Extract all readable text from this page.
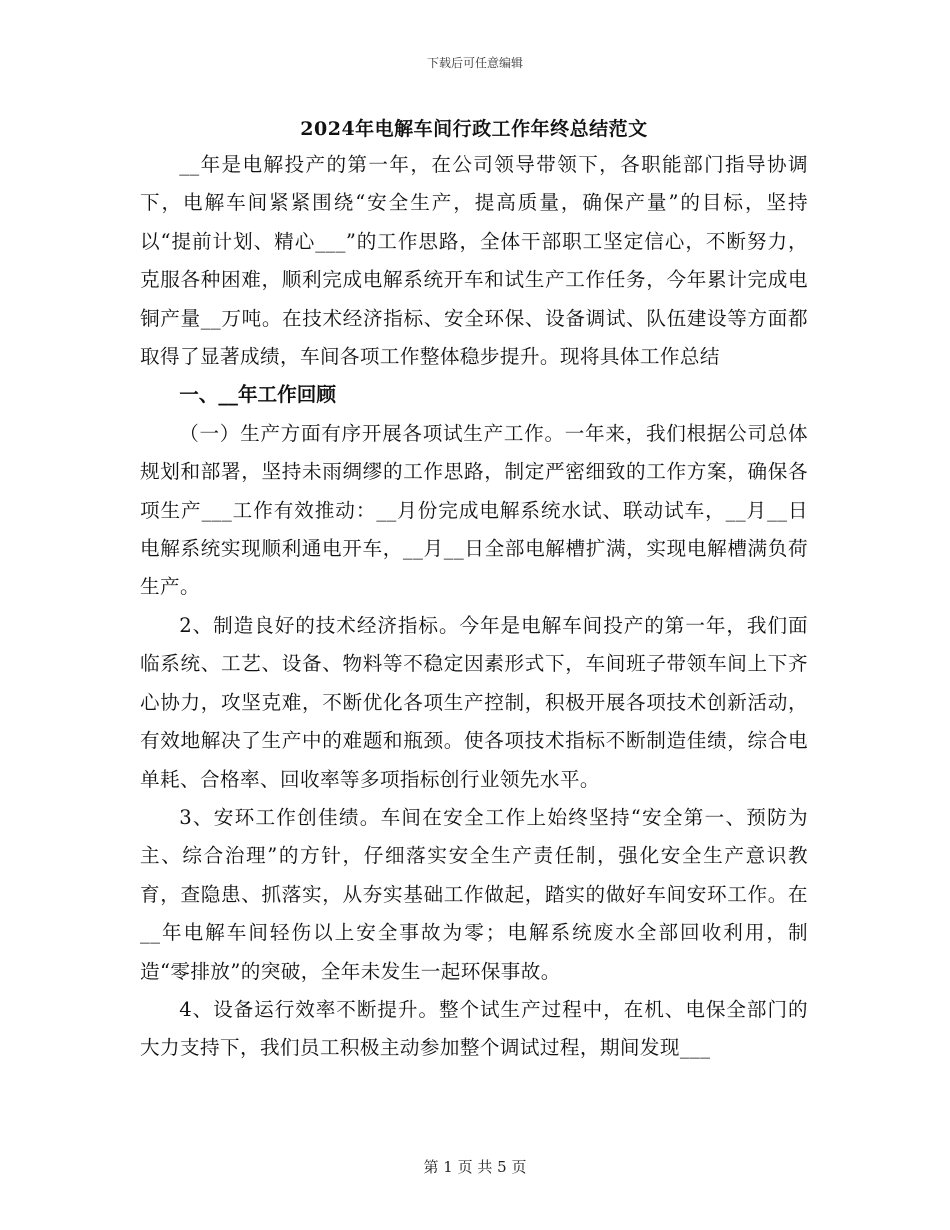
下载后可任意编辑
2024年电解车间行政工作年终总结范文

__年是电解投产的第一年，在公司领导带领下，各职能部门指导协调下，电解车间紧紧围绕“安全生产，提高质量，确保产量”的目标，坚持以“提前计划、精心___”的工作思路，全体干部职工坚定信心，不断努力，克服各种困难，顺利完成电解系统开车和试生产工作任务，今年累计完成电铜产量__万吨。在技术经济指标、安全环保、设备调试、队伍建设等方面都取得了显著成绩，车间各项工作整体稳步提升。现将具体工作总结

一、__年工作回顾

（一）生产方面有序开展各项试生产工作。一年来，我们根据公司总体规划和部署，坚持未雨绸缪的工作思路，制定严密细致的工作方案，确保各项生产___工作有效推动：__月份完成电解系统水试、联动试车，__月__日电解系统实现顺利通电开车，__月__日全部电解槽扩满，实现电解槽满负荷生产。

2、制造良好的技术经济指标。今年是电解车间投产的第一年，我们面临系统、工艺、设备、物料等不稳定因素形式下，车间班子带领车间上下齐心协力，攻坚克难，不断优化各项生产控制，积极开展各项技术创新活动，有效地解决了生产中的难题和瓶颈。使各项技术指标不断制造佳绩，综合电单耗、合格率、回收率等多项指标创行业领先水平。

3、安环工作创佳绩。车间在安全工作上始终坚持“安全第一、预防为主、综合治理”的方针，仔细落实安全生产责任制，强化安全生产意识教育，查隐患、抓落实，从夯实基础工作做起，踏实的做好车间安环工作。在__年电解车间轻伤以上安全事故为零；电解系统废水全部回收利用，制造“零排放”的突破，全年未发生一起环保事故。

4、设备运行效率不断提升。整个试生产过程中，在机、电保全部门的大力支持下，我们员工积极主动参加整个调试过程，期间发现___

第 1 页 共 5 页
